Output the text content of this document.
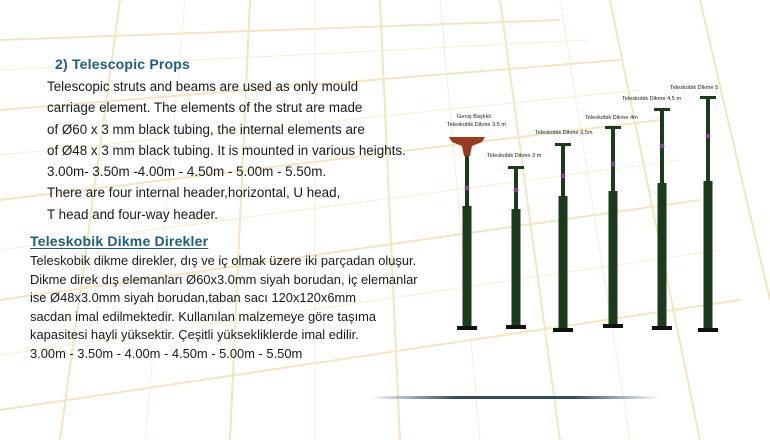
2) Telescopic Props
Telescopic struts and beams are used as only mould
carriage element. The elements of the strut are made
of Ø60 x 3 mm black tubing, the internal elements are
of Ø48 x 3 mm black tubing. It is mounted in various heights.
3.00m- 3.50m -4.00m - 4.50m - 5.00m - 5.50m.
There are four internal header,horizontal, U head,
T head and four-way header.
Teleskobik Dikme Direkler
Teleskobik dikme direkler, dış ve iç olmak üzere iki parçadan oluşur.
Dikme direk dış elemanları Ø60x3.0mm siyah borudan, iç elemanlar
ise Ø48x3.0mm siyah borudan,taban sacı 120x120x6mm
sacdan imal edilmektedir. Kullanılan malzemeye göre taşıma
kapasitesi hayli yüksektir. Çeşitli yüksekliklerde imal edilir.
3.00m - 3.50m - 4.00m - 4.50m - 5.00m - 5.50m
Geniş Başlıklı
Teleskobik Dikme 3,5 m
Teleskobik Dikme 3 m
Teleskobik Dikme 3,5m
Teleskobik Dikme 4m
Teleskobik Dikme 4,5 m
Teleskobik Dikme 5
